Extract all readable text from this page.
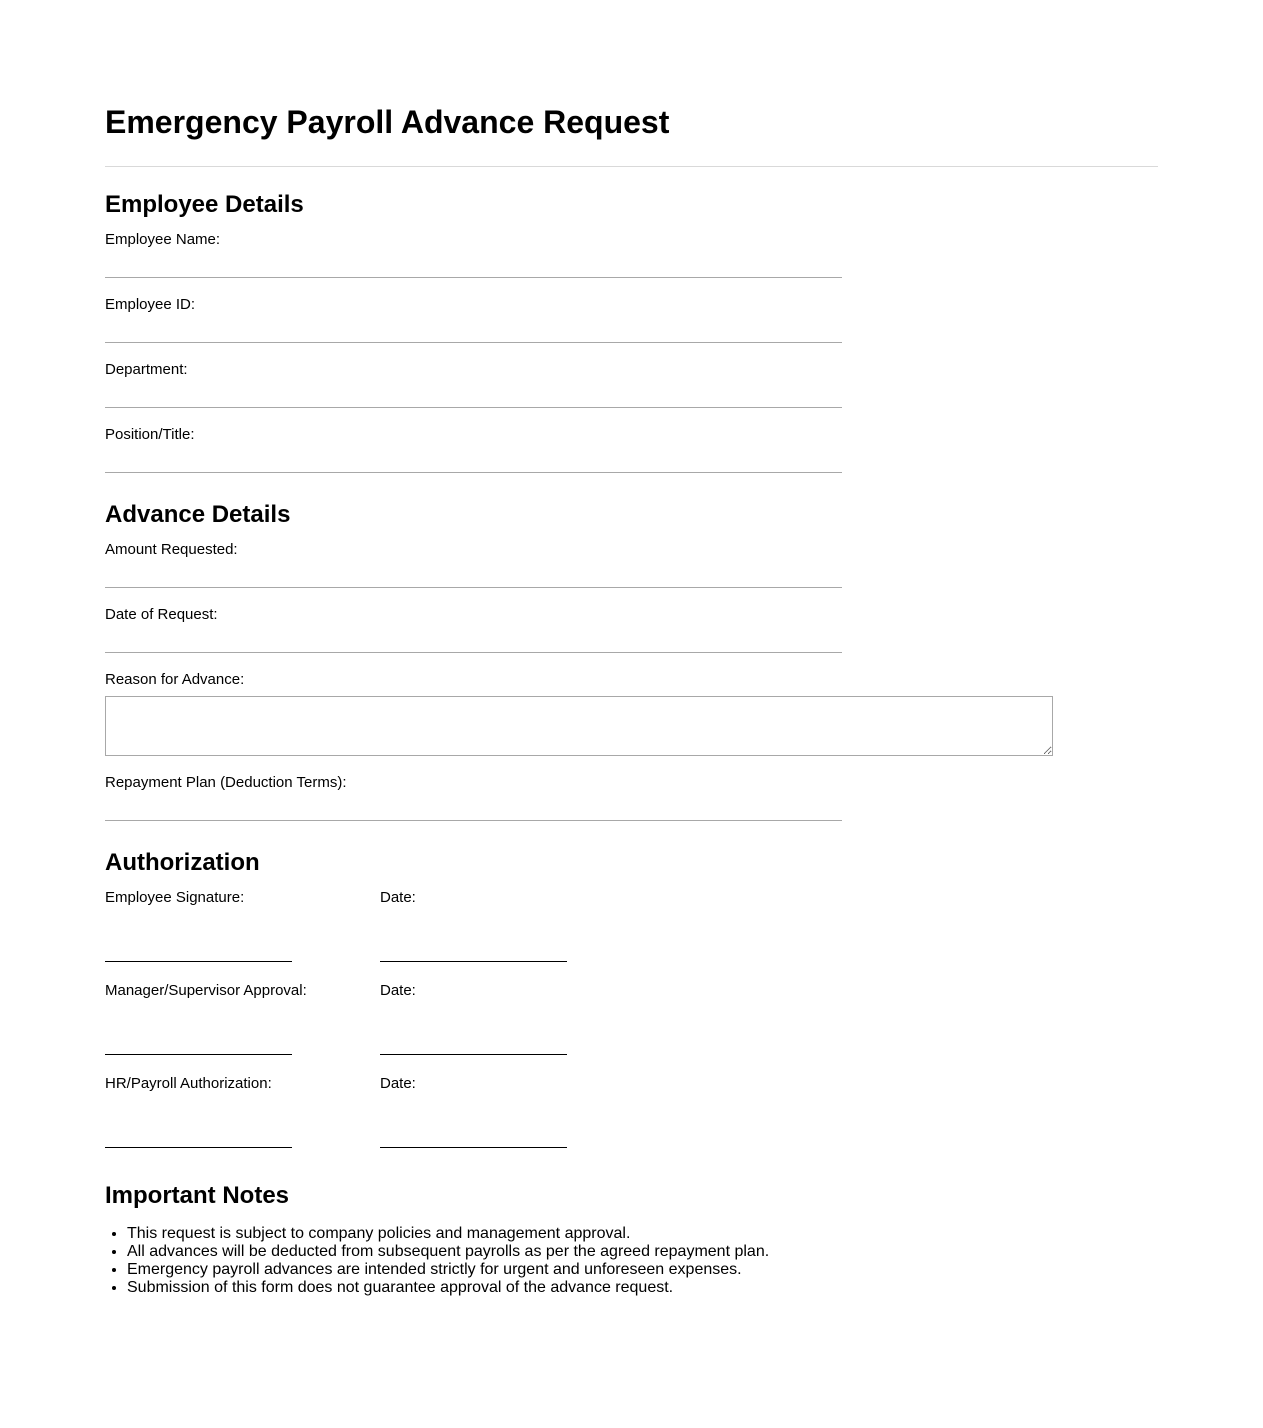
Emergency Payroll Advance Request
Employee Details
Employee Name:
Employee ID:
Department:
Position/Title:
Advance Details
Amount Requested:
Date of Request:
Reason for Advance:
Repayment Plan (Deduction Terms):
Authorization
Employee Signature:	Date:
Manager/Supervisor Approval:	Date:
HR/Payroll Authorization:	Date:
Important Notes
• This request is subject to company policies and management approval.
• All advances will be deducted from subsequent payrolls as per the agreed repayment plan.
• Emergency payroll advances are intended strictly for urgent and unforeseen expenses.
• Submission of this form does not guarantee approval of the advance request.
